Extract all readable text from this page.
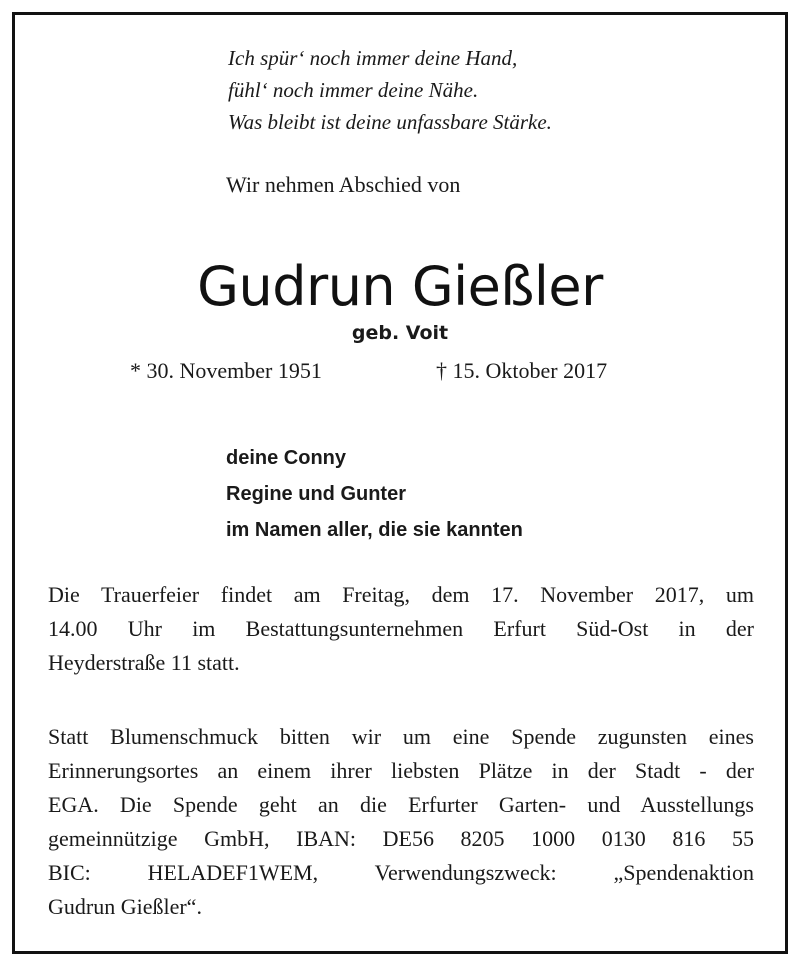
Ich spür‘ noch immer deine Hand,
fühl‘ noch immer deine Nähe.
Was bleibt ist deine unfassbare Stärke.
Wir nehmen Abschied von
Gudrun Gießler
geb. Voit
* 30. November 1951	† 15. Oktober 2017
deine Conny
Regine und Gunter
im Namen aller, die sie kannten
Die Trauerfeier findet am Freitag, dem 17. November 2017, um
14.00 Uhr im Bestattungsunternehmen Erfurt Süd-Ost in der
Heyderstraße 11 statt.
Statt Blumenschmuck bitten wir um eine Spende zugunsten eines
Erinnerungsortes an einem ihrer liebsten Plätze in der Stadt - der
EGA. Die Spende geht an die Erfurter Garten- und Ausstellungs
gemeinnützige GmbH, IBAN: DE56 8205 1000 0130 816 55
BIC: HELADEF1WEM, Verwendungszweck: „Spendenaktion
Gudrun Gießler“.
